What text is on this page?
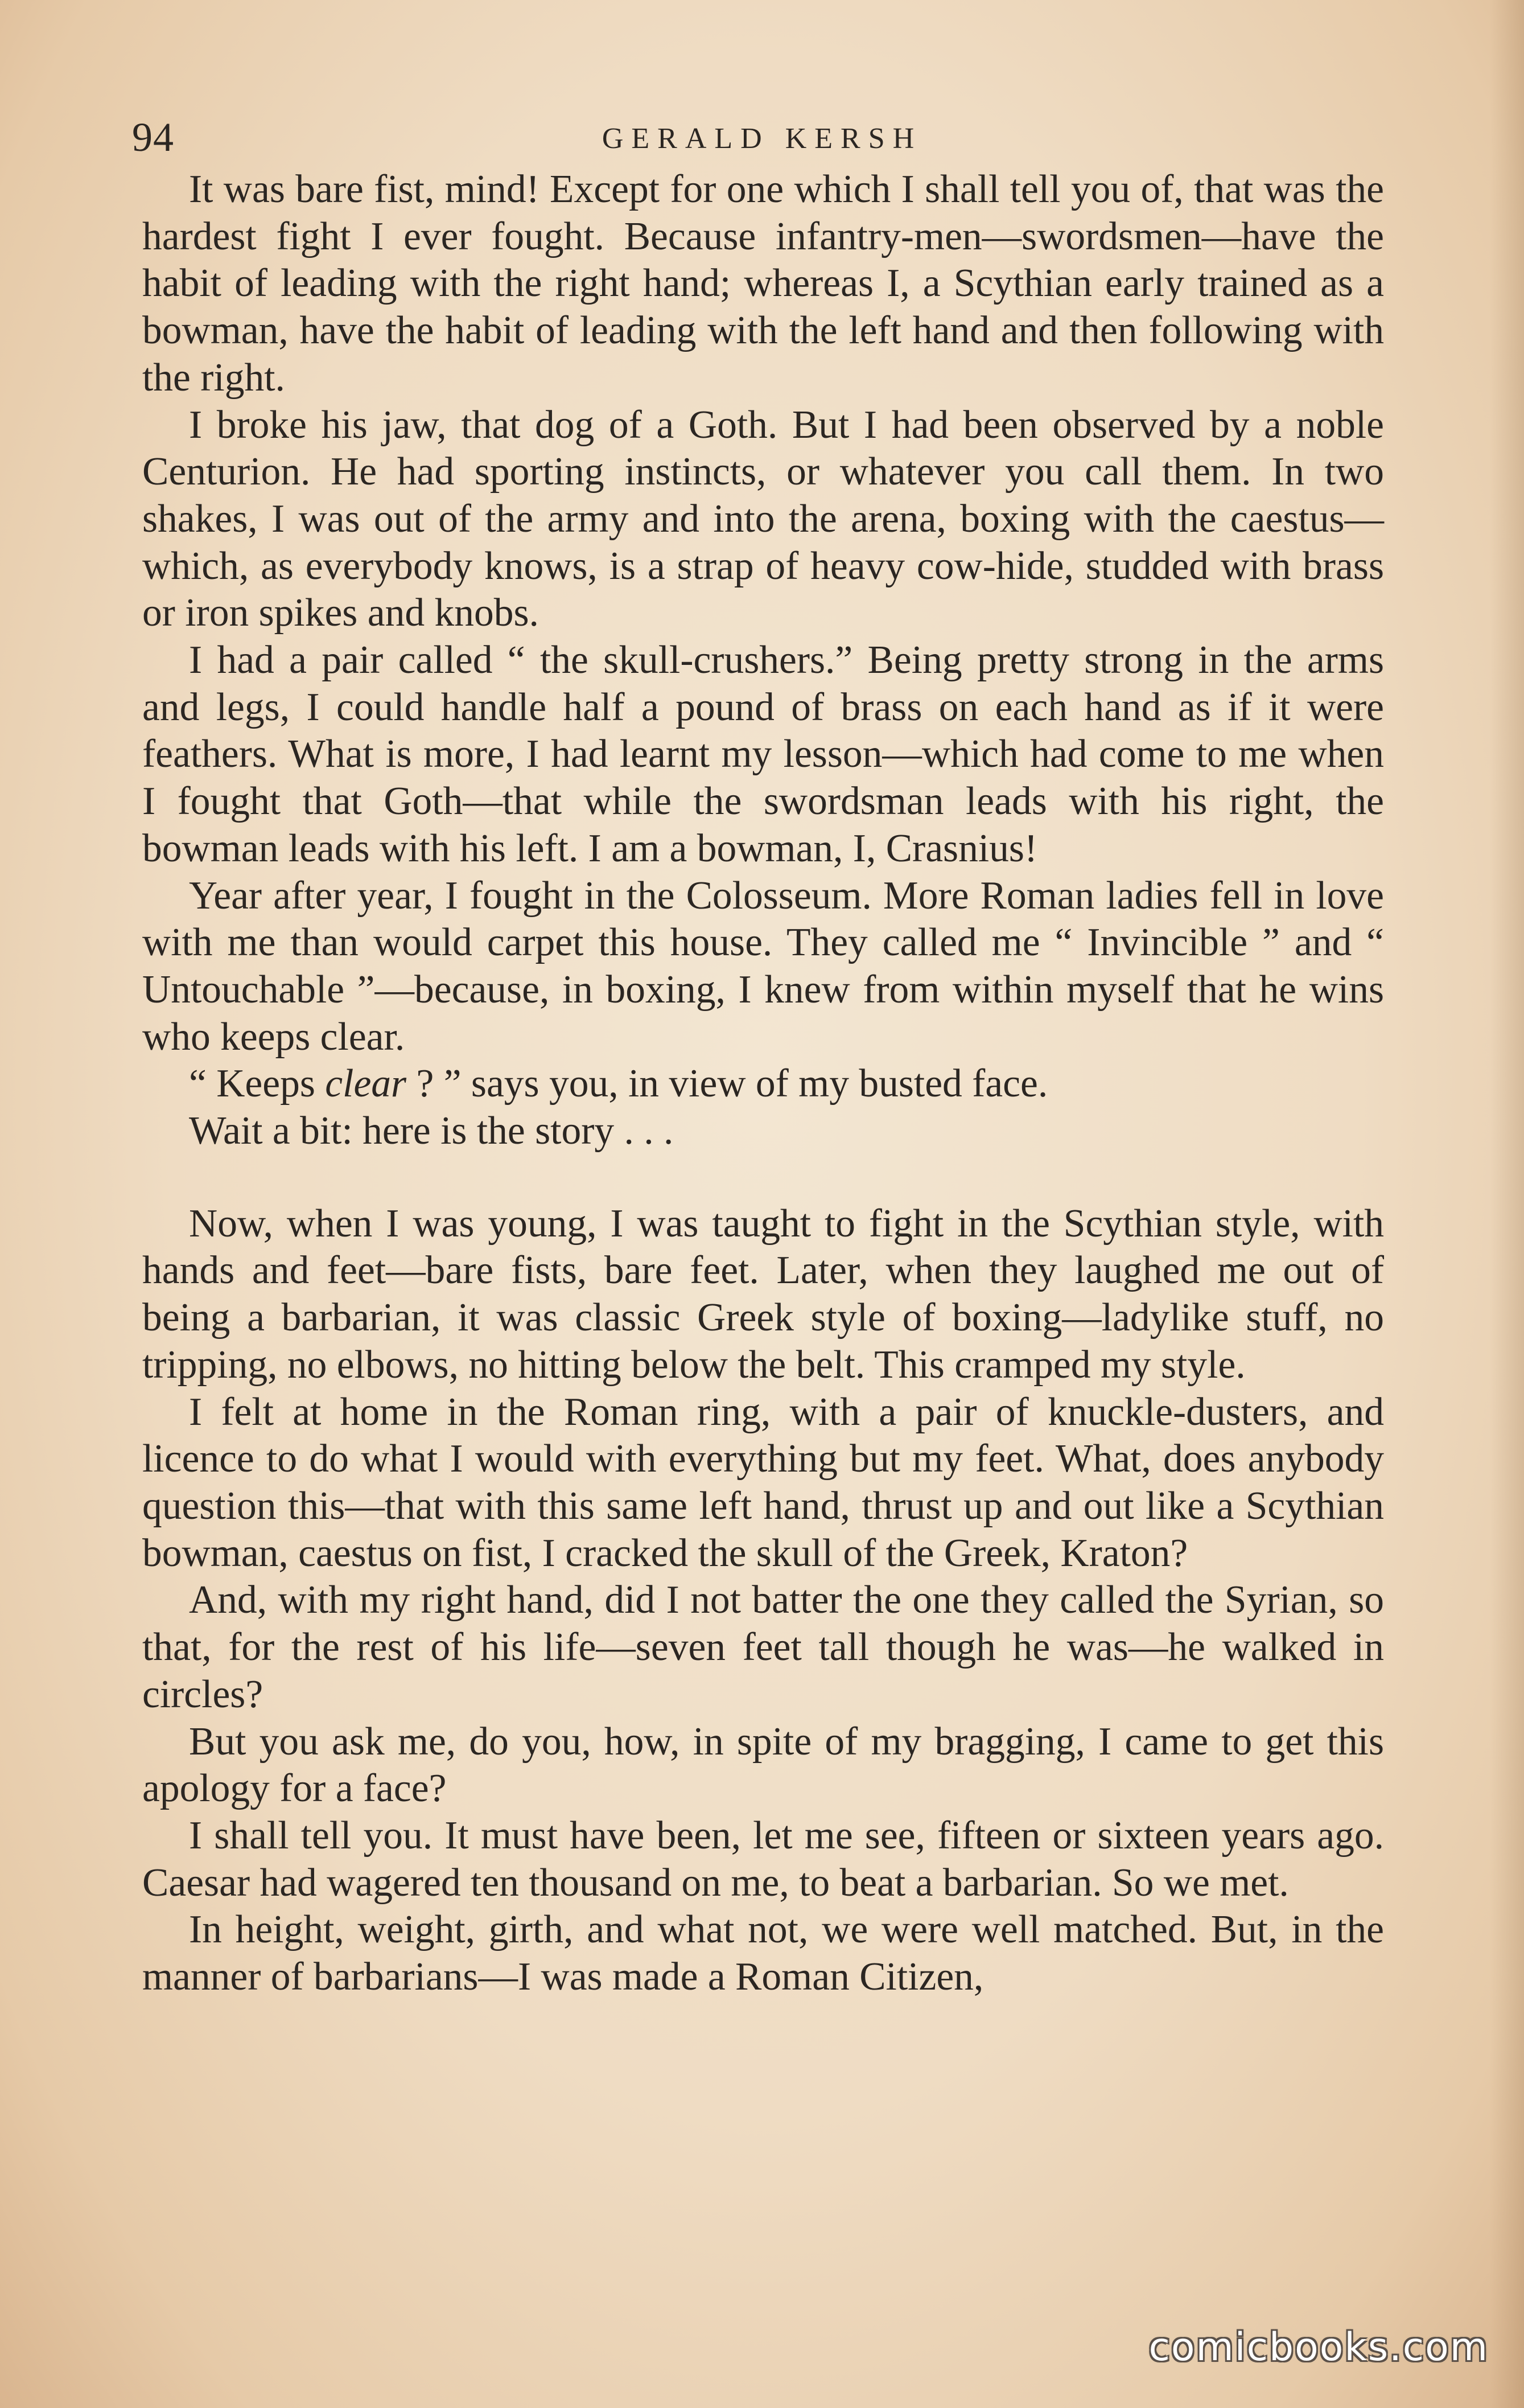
94	GERALD KERSH

It was bare fist, mind! Except for one which I shall tell you of, that was the hardest fight I ever fought. Because infantry-men—swordsmen—have the habit of leading with the right hand; whereas I, a Scythian early trained as a bowman, have the habit of leading with the left hand and then following with the right.

I broke his jaw, that dog of a Goth. But I had been observed by a noble Centurion. He had sporting instincts, or whatever you call them. In two shakes, I was out of the army and into the arena, boxing with the caestus—which, as everybody knows, is a strap of heavy cow-hide, studded with brass or iron spikes and knobs.

I had a pair called “ the skull-crushers.” Being pretty strong in the arms and legs, I could handle half a pound of brass on each hand as if it were feathers. What is more, I had learnt my lesson—which had come to me when I fought that Goth—that while the swordsman leads with his right, the bowman leads with his left. I am a bowman, I, Crasnius!

Year after year, I fought in the Colosseum. More Roman ladies fell in love with me than would carpet this house. They called me “ Invincible ” and “ Untouchable ”—because, in boxing, I knew from within myself that he wins who keeps clear.

“ Keeps clear ? ” says you, in view of my busted face.

Wait a bit: here is the story . . .

Now, when I was young, I was taught to fight in the Scythian style, with hands and feet—bare fists, bare feet. Later, when they laughed me out of being a barbarian, it was classic Greek style of boxing—ladylike stuff, no tripping, no elbows, no hitting below the belt. This cramped my style.

I felt at home in the Roman ring, with a pair of knuckle-dusters, and licence to do what I would with everything but my feet. What, does anybody question this—that with this same left hand, thrust up and out like a Scythian bowman, caestus on fist, I cracked the skull of the Greek, Kraton?

And, with my right hand, did I not batter the one they called the Syrian, so that, for the rest of his life—seven feet tall though he was—he walked in circles?

But you ask me, do you, how, in spite of my bragging, I came to get this apology for a face?

I shall tell you. It must have been, let me see, fifteen or sixteen years ago. Caesar had wagered ten thousand on me, to beat a barbarian. So we met.

In height, weight, girth, and what not, we were well matched. But, in the manner of barbarians—I was made a Roman Citizen,

comicbooks.com
